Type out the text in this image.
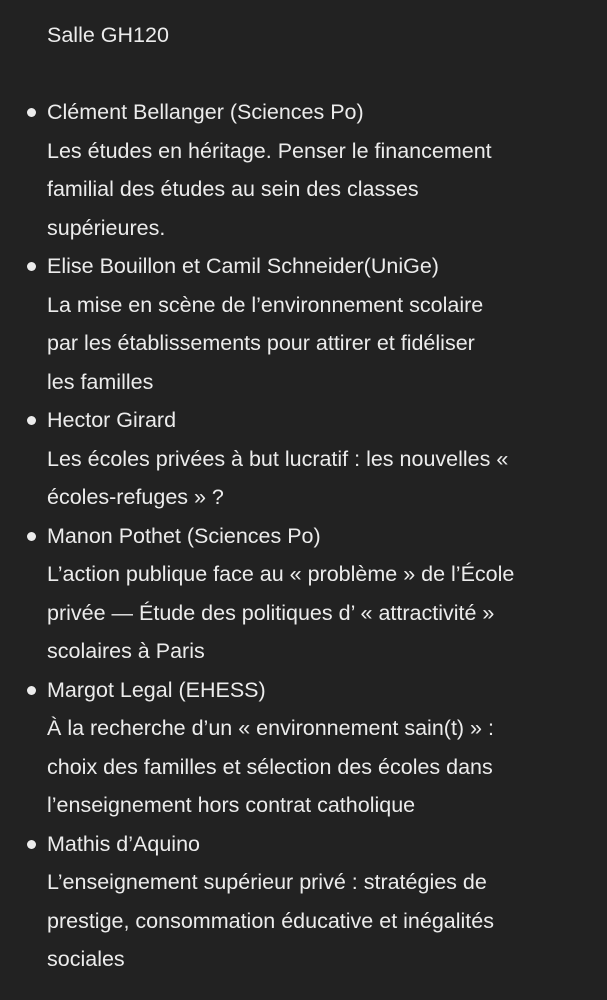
Salle GH120

Clément Bellanger (Sciences Po)
Les études en héritage. Penser le financement
familial des études au sein des classes
supérieures.
Elise Bouillon et Camil Schneider(UniGe)
La mise en scène de l’environnement scolaire
par les établissements pour attirer et fidéliser
les familles
Hector Girard
Les écoles privées à but lucratif : les nouvelles «
écoles-refuges » ?
Manon Pothet (Sciences Po)
L’action publique face au « problème » de l’École
privée — Étude des politiques d’ « attractivité »
scolaires à Paris
Margot Legal (EHESS)
À la recherche d’un « environnement sain(t) » :
choix des familles et sélection des écoles dans
l’enseignement hors contrat catholique
Mathis d’Aquino
L’enseignement supérieur privé : stratégies de
prestige, consommation éducative et inégalités
sociales
